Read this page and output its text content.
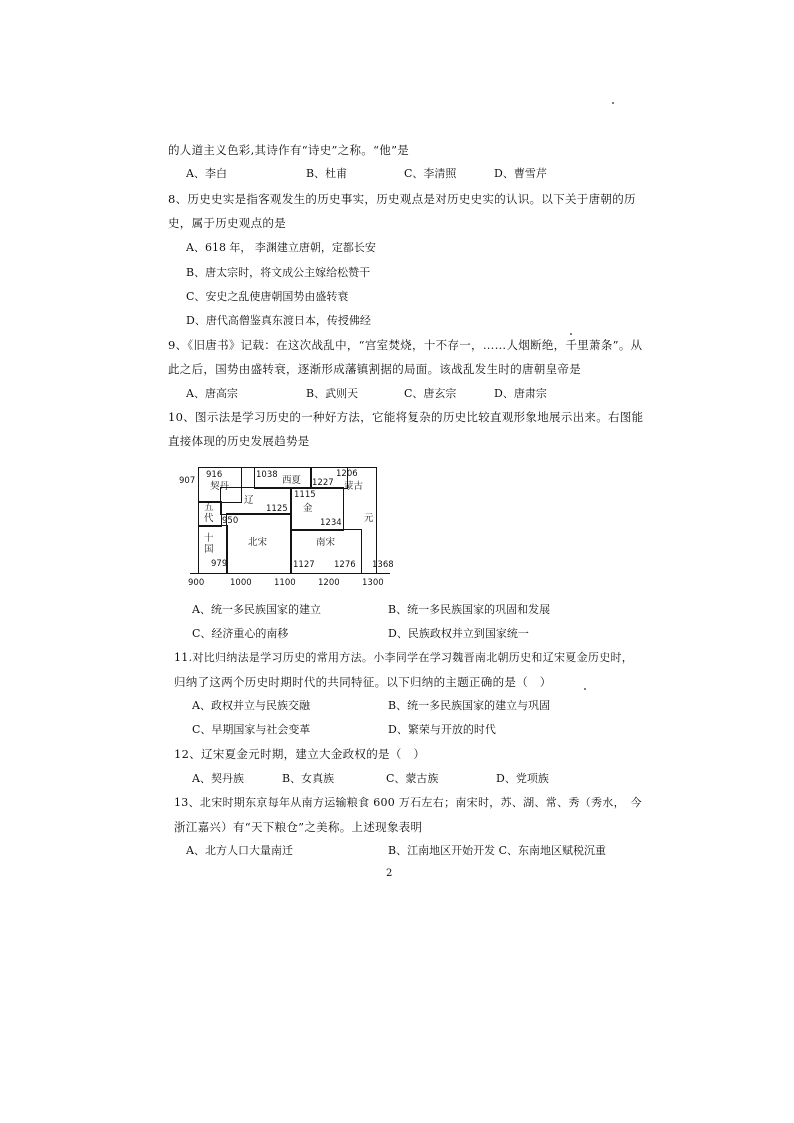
的人道主义色彩,其诗作有“诗史”之称。“他”是
A、李白	B、杜甫	C、李清照	D、曹雪芹
8、历史史实是指客观发生的历史事实，历史观点是对历史史实的认识。以下关于唐朝的历
史，属于历史观点的是
A、618 年， 李渊建立唐朝，定都长安
B、唐太宗时，将文成公主嫁给松赞干
C、安史之乱使唐朝国势由盛转衰
D、唐代高僧鉴真东渡日本，传授佛经
9、《旧唐书》记载：在这次战乱中，“宫室焚烧，十不存一，……人烟断绝，千里萧条”。从
此之后，国势由盛转衰，逐渐形成藩镇割据的局面。该战乱发生时的唐朝皇帝是
A、唐高宗	B、武则天	C、唐玄宗	D、唐肃宗
10、图示法是学习历史的一种好方法，它能将复杂的历史比较直观形象地展示出来。右图能
直接体现的历史发展趋势是
907
916
契丹
1038 西夏 1227
1206
蒙古
五
代
辽
1125
1115
金
1234 元
950
十
国
979
北宋	南宋
1127 1276 1368
900	1000	1100	1200	1300
A、统一多民族国家的建立	B、统一多民族国家的巩固和发展
C、经济重心的南移	D、民族政权并立到国家统一
11.对比归纳法是学习历史的常用方法。小李同学在学习魏晋南北朝历史和辽宋夏金历史时，
归纳了这两个历史时期时代的共同特征。以下归纳的主题正确的是（　）
A、政权并立与民族交融	B、统一多民族国家的建立与巩固
C、早期国家与社会变革	D、繁荣与开放的时代
12、辽宋夏金元时期，建立大金政权的是（　）
A、契丹族	B、女真族	C、蒙古族	D、党项族
13、北宋时期东京每年从南方运输粮食 600 万石左右；南宋时，苏、湖、常、秀（秀水，　今
浙江嘉兴）有“天下粮仓”之美称。上述现象表明
A、北方人口大量南迁	B、江南地区开始开发 C、东南地区赋税沉重
2
